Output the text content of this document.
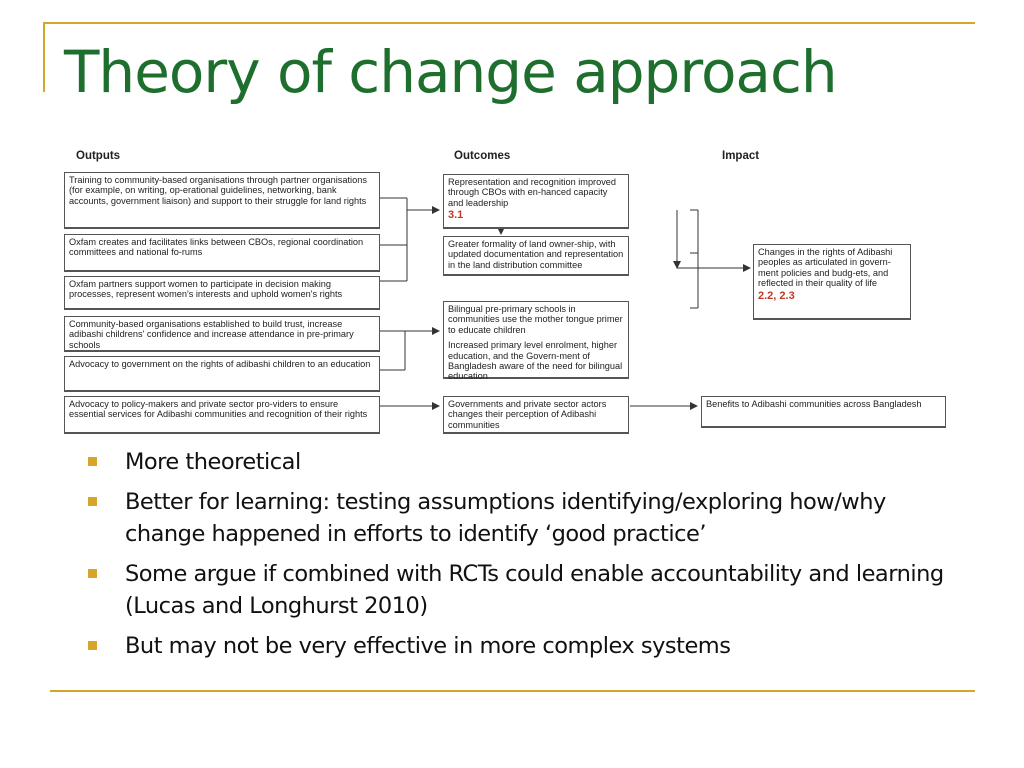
Theory of change approach
Outputs	Outcomes	Impact
Training to community-based organisations through partner organisations (for example, on writing, op-erational guidelines, networking, bank accounts, government liaison) and support to their struggle for land rights
Oxfam creates and facilitates links between CBOs, regional coordination committees and national fo-rums
Oxfam partners support women to participate in decision making processes, represent women's interests and uphold women's rights
Community-based organisations established to build trust, increase adibashi childrens' confidence and increase attendance in pre-primary schools
Advocacy to government on the rights of adibashi children to an education
Advocacy to policy-makers and private sector pro-viders to ensure essential services for Adibashi communities and recognition of their rights
Representation and recognition improved through CBOs with en-hanced capacity and leadership
3.1
Greater formality of land owner-ship, with updated documentation and representation in the land distribution committee
Bilingual pre-primary schools in communities use the mother tongue primer to educate children
Increased primary level enrolment, higher education, and the Govern-ment of Bangladesh aware of the need for bilingual education
Governments and private sector actors changes their perception of Adibashi communities
Changes in the rights of Adibashi peoples as articulated in govern-ment policies and budg-ets, and reflected in their quality of life
2.2, 2.3
Benefits to Adibashi communities across Bangladesh
More theoretical
Better for learning: testing assumptions identifying/exploring how/why change happened in efforts to identify ‘good practice’
Some argue if combined with RCTs could enable accountability and learning (Lucas and Longhurst 2010)
But may not be very effective in more complex systems
